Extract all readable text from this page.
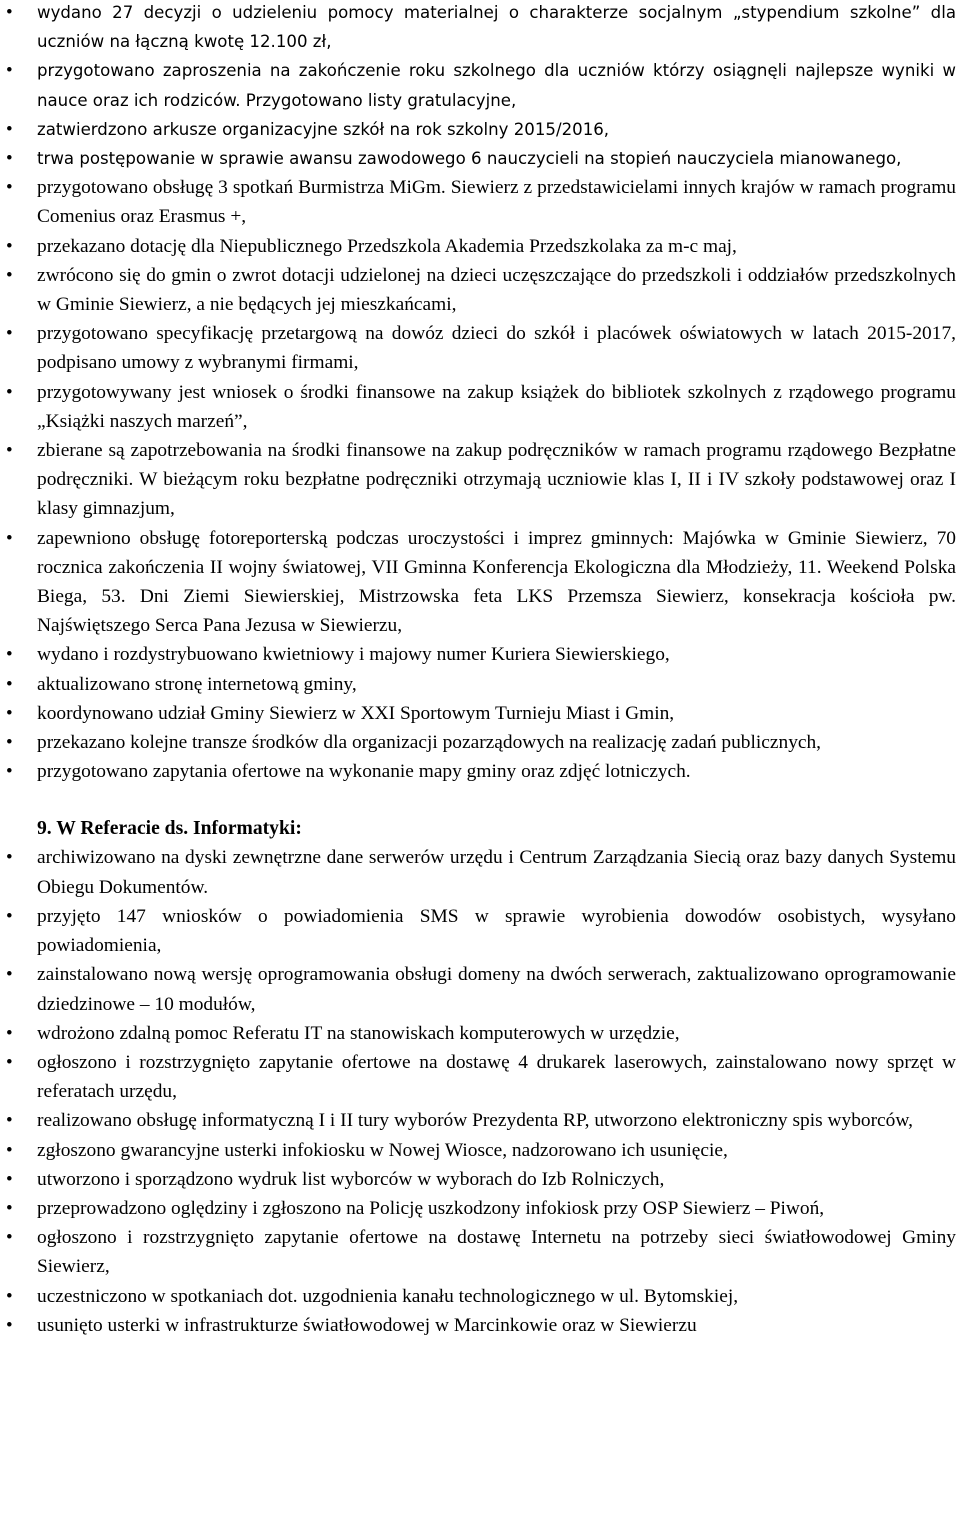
• wydano 27 decyzji o udzieleniu pomocy materialnej o charakterze socjalnym „stypendium szkolne” dla uczniów na łączną kwotę 12.100 zł,
• przygotowano zaproszenia na zakończenie roku szkolnego dla uczniów którzy osiągnęli najlepsze wyniki w nauce oraz ich rodziców. Przygotowano listy gratulacyjne,
• zatwierdzono arkusze organizacyjne szkół na rok szkolny 2015/2016,
• trwa postępowanie w sprawie awansu zawodowego 6 nauczycieli na stopień nauczyciela mianowanego,
• przygotowano obsługę 3 spotkań Burmistrza MiGm. Siewierz z przedstawicielami innych krajów w ramach programu Comenius oraz Erasmus +,
• przekazano dotację dla Niepublicznego Przedszkola Akademia Przedszkolaka za m-c maj,
• zwrócono się do gmin o zwrot dotacji udzielonej na dzieci uczęszczające do przedszkoli i oddziałów przedszkolnych w Gminie Siewierz, a nie będących jej mieszkańcami,
• przygotowano specyfikację przetargową na dowóz dzieci do szkół i placówek oświatowych w latach 2015-2017, podpisano umowy z wybranymi firmami,
• przygotowywany jest wniosek o środki finansowe na zakup książek do bibliotek szkolnych z rządowego programu „Książki naszych marzeń”,
• zbierane są zapotrzebowania na środki finansowe na zakup podręczników w ramach programu rządowego Bezpłatne podręczniki. W bieżącym roku bezpłatne podręczniki otrzymają uczniowie klas I, II i IV szkoły podstawowej oraz I klasy gimnazjum,
• zapewniono obsługę fotoreporterską podczas uroczystości i imprez gminnych: Majówka w Gminie Siewierz, 70 rocznica zakończenia II wojny światowej, VII Gminna Konferencja Ekologiczna dla Młodzieży, 11. Weekend Polska Biega, 53. Dni Ziemi Siewierskiej, Mistrzowska feta LKS Przemsza Siewierz, konsekracja kościoła pw. Najświętszego Serca Pana Jezusa w Siewierzu,
• wydano i rozdystrybuowano kwietniowy i majowy numer Kuriera Siewierskiego,
• aktualizowano stronę internetową gminy,
• koordynowano udział Gminy Siewierz w XXI Sportowym Turnieju Miast i Gmin,
• przekazano kolejne transze środków dla organizacji pozarządowych na realizację zadań publicznych,
• przygotowano zapytania ofertowe na wykonanie mapy gminy oraz zdjęć lotniczych.
9. W Referacie ds. Informatyki:
• archiwizowano na dyski zewnętrzne dane serwerów urzędu i Centrum Zarządzania Siecią oraz bazy danych Systemu Obiegu Dokumentów.
• przyjęto 147 wniosków o powiadomienia SMS w sprawie wyrobienia dowodów osobistych, wysyłano powiadomienia,
• zainstalowano nową wersję oprogramowania obsługi domeny na dwóch serwerach, zaktualizowano oprogramowanie dziedzinowe – 10 modułów,
• wdrożono zdalną pomoc Referatu IT na stanowiskach komputerowych w urzędzie,
• ogłoszono i rozstrzygnięto zapytanie ofertowe na dostawę 4 drukarek laserowych, zainstalowano nowy sprzęt w referatach urzędu,
• realizowano obsługę informatyczną I i II tury wyborów Prezydenta RP, utworzono elektroniczny spis wyborców,
• zgłoszono gwarancyjne usterki infokiosku w Nowej Wiosce, nadzorowano ich usunięcie,
• utworzono i sporządzono wydruk list wyborców w wyborach do Izb Rolniczych,
• przeprowadzono oględziny i zgłoszono na Policję uszkodzony infokiosk przy OSP Siewierz – Piwoń,
• ogłoszono i rozstrzygnięto zapytanie ofertowe na dostawę Internetu na potrzeby sieci światłowodowej Gminy Siewierz,
• uczestniczono w spotkaniach dot. uzgodnienia kanału technologicznego w ul. Bytomskiej,
• usunięto usterki w infrastrukturze światłowodowej w Marcinkowie oraz w Siewierzu
